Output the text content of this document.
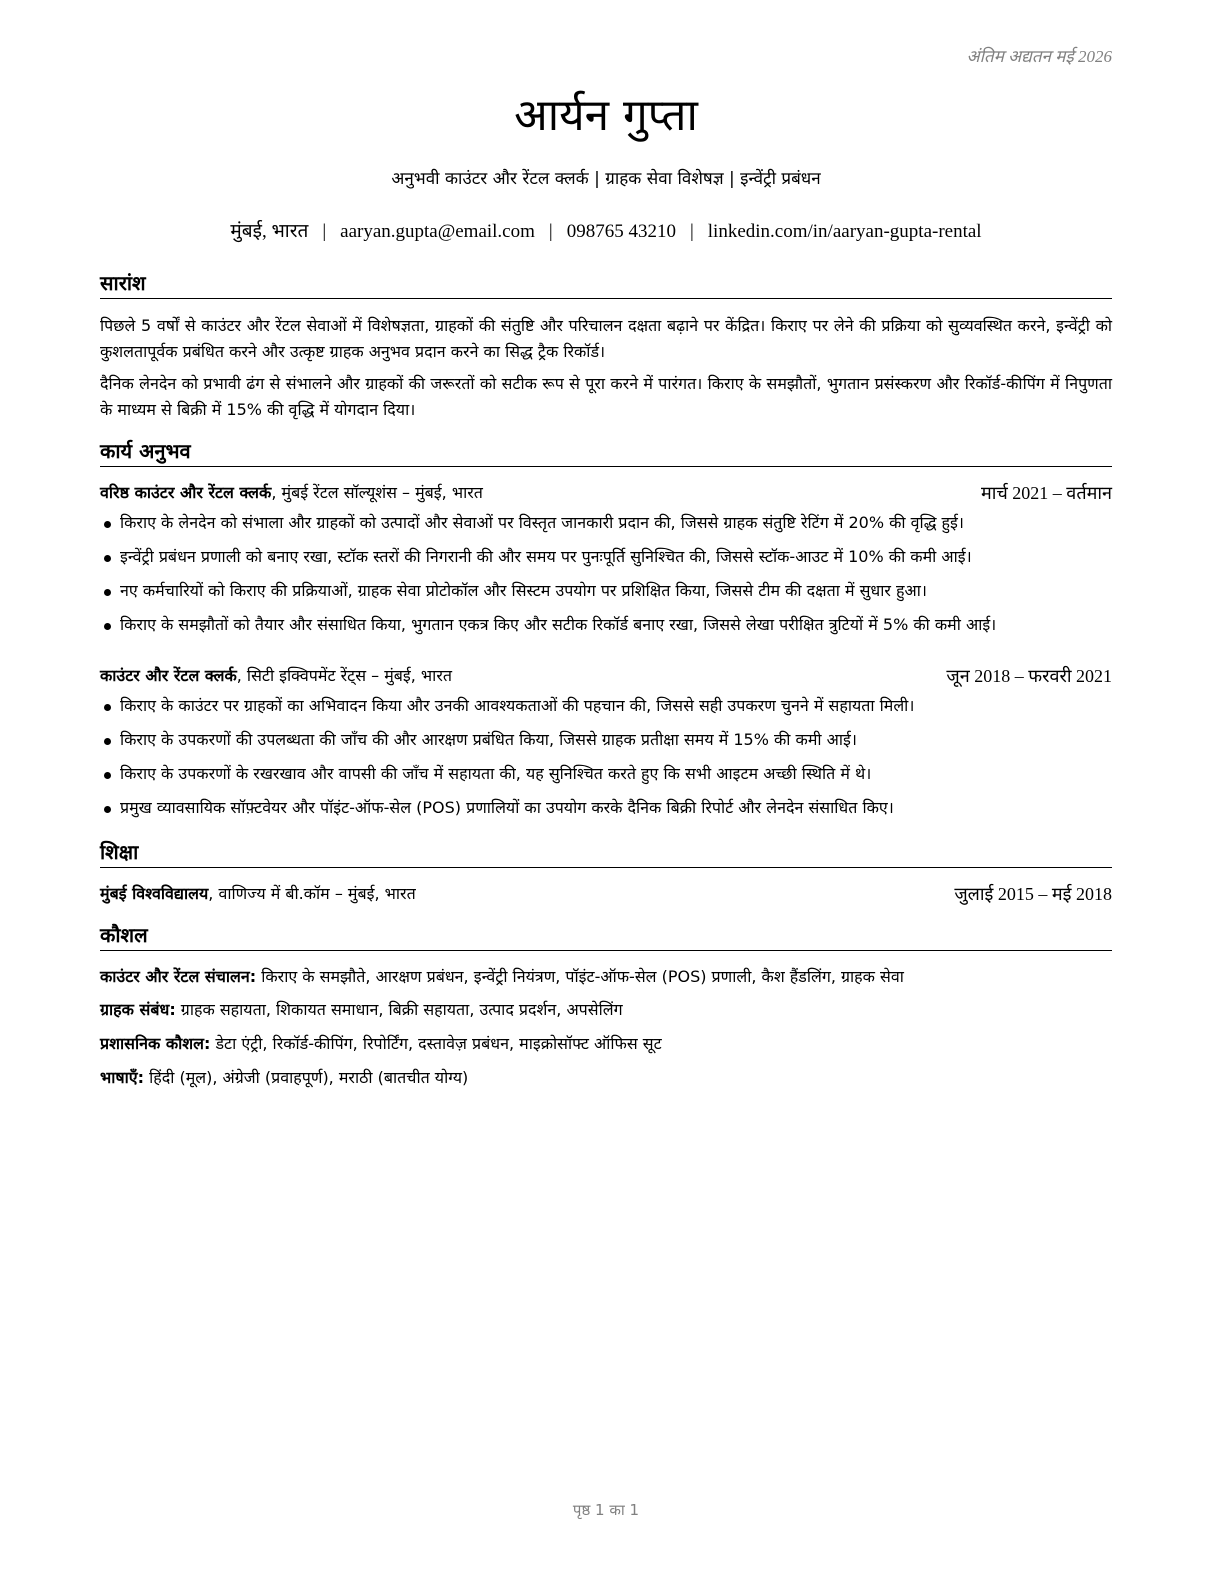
अंतिम अद्यतन मई 2026
आर्यन गुप्ता
अनुभवी काउंटर और रेंटल क्लर्क | ग्राहक सेवा विशेषज्ञ | इन्वेंट्री प्रबंधन
मुंबई, भारत | aaryan.gupta@email.com | 098765 43210 | linkedin.com/in/aaryan-gupta-rental
सारांश
पिछले 5 वर्षों से काउंटर और रेंटल सेवाओं में विशेषज्ञता, ग्राहकों की संतुष्टि और परिचालन दक्षता बढ़ाने पर केंद्रित। किराए पर लेने की प्रक्रिया को सुव्यवस्थित करने, इन्वेंट्री को कुशलतापूर्वक प्रबंधित करने और उत्कृष्ट ग्राहक अनुभव प्रदान करने का सिद्ध ट्रैक रिकॉर्ड।
दैनिक लेनदेन को प्रभावी ढंग से संभालने और ग्राहकों की जरूरतों को सटीक रूप से पूरा करने में पारंगत। किराए के समझौतों, भुगतान प्रसंस्करण और रिकॉर्ड-कीपिंग में निपुणता के माध्यम से बिक्री में 15% की वृद्धि में योगदान दिया।
कार्य अनुभव
वरिष्ठ काउंटर और रेंटल क्लर्क, मुंबई रेंटल सॉल्यूशंस – मुंबई, भारत	मार्च 2021 – वर्तमान
किराए के लेनदेन को संभाला और ग्राहकों को उत्पादों और सेवाओं पर विस्तृत जानकारी प्रदान की, जिससे ग्राहक संतुष्टि रेटिंग में 20% की वृद्धि हुई।
इन्वेंट्री प्रबंधन प्रणाली को बनाए रखा, स्टॉक स्तरों की निगरानी की और समय पर पुनःपूर्ति सुनिश्चित की, जिससे स्टॉक-आउट में 10% की कमी आई।
नए कर्मचारियों को किराए की प्रक्रियाओं, ग्राहक सेवा प्रोटोकॉल और सिस्टम उपयोग पर प्रशिक्षित किया, जिससे टीम की दक्षता में सुधार हुआ।
किराए के समझौतों को तैयार और संसाधित किया, भुगतान एकत्र किए और सटीक रिकॉर्ड बनाए रखा, जिससे लेखा परीक्षित त्रुटियों में 5% की कमी आई।
काउंटर और रेंटल क्लर्क, सिटी इक्विपमेंट रेंट्स – मुंबई, भारत	जून 2018 – फरवरी 2021
किराए के काउंटर पर ग्राहकों का अभिवादन किया और उनकी आवश्यकताओं की पहचान की, जिससे सही उपकरण चुनने में सहायता मिली।
किराए के उपकरणों की उपलब्धता की जाँच की और आरक्षण प्रबंधित किया, जिससे ग्राहक प्रतीक्षा समय में 15% की कमी आई।
किराए के उपकरणों के रखरखाव और वापसी की जाँच में सहायता की, यह सुनिश्चित करते हुए कि सभी आइटम अच्छी स्थिति में थे।
प्रमुख व्यावसायिक सॉफ़्टवेयर और पॉइंट-ऑफ-सेल (POS) प्रणालियों का उपयोग करके दैनिक बिक्री रिपोर्ट और लेनदेन संसाधित किए।
शिक्षा
मुंबई विश्वविद्यालय, वाणिज्य में बी.कॉम – मुंबई, भारत	जुलाई 2015 – मई 2018
कौशल
काउंटर और रेंटल संचालन: किराए के समझौते, आरक्षण प्रबंधन, इन्वेंट्री नियंत्रण, पॉइंट-ऑफ-सेल (POS) प्रणाली, कैश हैंडलिंग, ग्राहक सेवा
ग्राहक संबंध: ग्राहक सहायता, शिकायत समाधान, बिक्री सहायता, उत्पाद प्रदर्शन, अपसेलिंग
प्रशासनिक कौशल: डेटा एंट्री, रिकॉर्ड-कीपिंग, रिपोर्टिंग, दस्तावेज़ प्रबंधन, माइक्रोसॉफ्ट ऑफिस सूट
भाषाएँ: हिंदी (मूल), अंग्रेजी (प्रवाहपूर्ण), मराठी (बातचीत योग्य)
पृष्ठ 1 का 1
